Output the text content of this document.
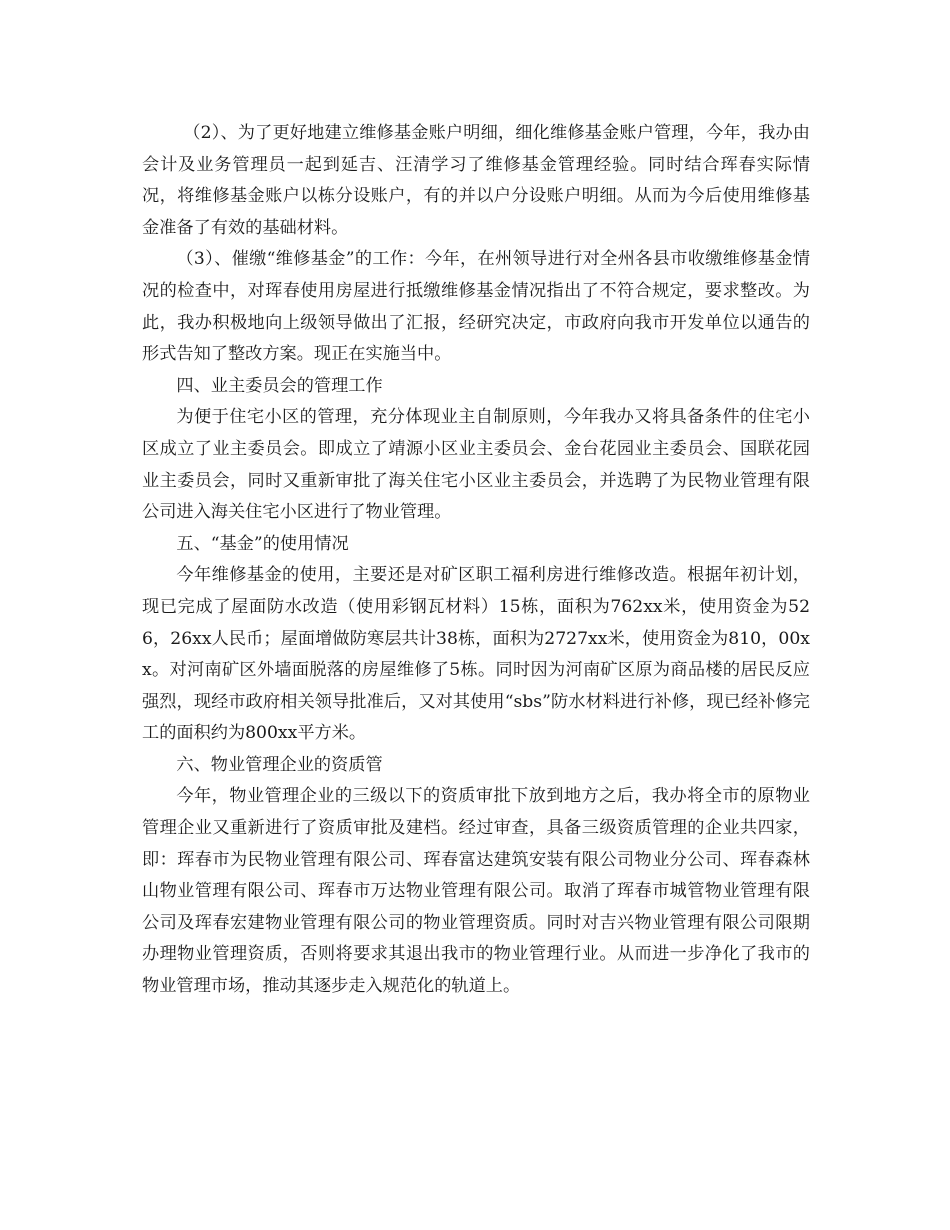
（2）、为了更好地建立维修基金账户明细，细化维修基金账户管理，今年，我办由会计及业务管理员一起到延吉、汪清学习了维修基金管理经验。同时结合珲春实际情况，将维修基金账户以栋分设账户，有的并以户分设账户明细。从而为今后使用维修基金准备了有效的基础材料。

（3）、催缴“维修基金”的工作：今年，在州领导进行对全州各县市收缴维修基金情况的检查中，对珲春使用房屋进行抵缴维修基金情况指出了不符合规定，要求整改。为此，我办积极地向上级领导做出了汇报，经研究决定，市政府向我市开发单位以通告的形式告知了整改方案。现正在实施当中。

四、业主委员会的管理工作

为便于住宅小区的管理，充分体现业主自制原则，今年我办又将具备条件的住宅小区成立了业主委员会。即成立了靖源小区业主委员会、金台花园业主委员会、国联花园业主委员会，同时又重新审批了海关住宅小区业主委员会，并选聘了为民物业管理有限公司进入海关住宅小区进行了物业管理。

五、“基金”的使用情况

今年维修基金的使用，主要还是对矿区职工福利房进行维修改造。根据年初计划，现已完成了屋面防水改造（使用彩钢瓦材料）15栋，面积为762xx米，使用资金为526，26xx人民币；屋面增做防寒层共计38栋，面积为2727xx米，使用资金为810，00xx。对河南矿区外墙面脱落的房屋维修了5栋。同时因为河南矿区原为商品楼的居民反应强烈，现经市政府相关领导批准后，又对其使用“sbs”防水材料进行补修，现已经补修完工的面积约为800xx平方米。

六、物业管理企业的资质管

今年，物业管理企业的三级以下的资质审批下放到地方之后，我办将全市的原物业管理企业又重新进行了资质审批及建档。经过审查，具备三级资质管理的企业共四家，即：珲春市为民物业管理有限公司、珲春富达建筑安装有限公司物业分公司、珲春森林山物业管理有限公司、珲春市万达物业管理有限公司。取消了珲春市城管物业管理有限公司及珲春宏建物业管理有限公司的物业管理资质。同时对吉兴物业管理有限公司限期办理物业管理资质，否则将要求其退出我市的物业管理行业。从而进一步净化了我市的物业管理市场，推动其逐步走入规范化的轨道上。
